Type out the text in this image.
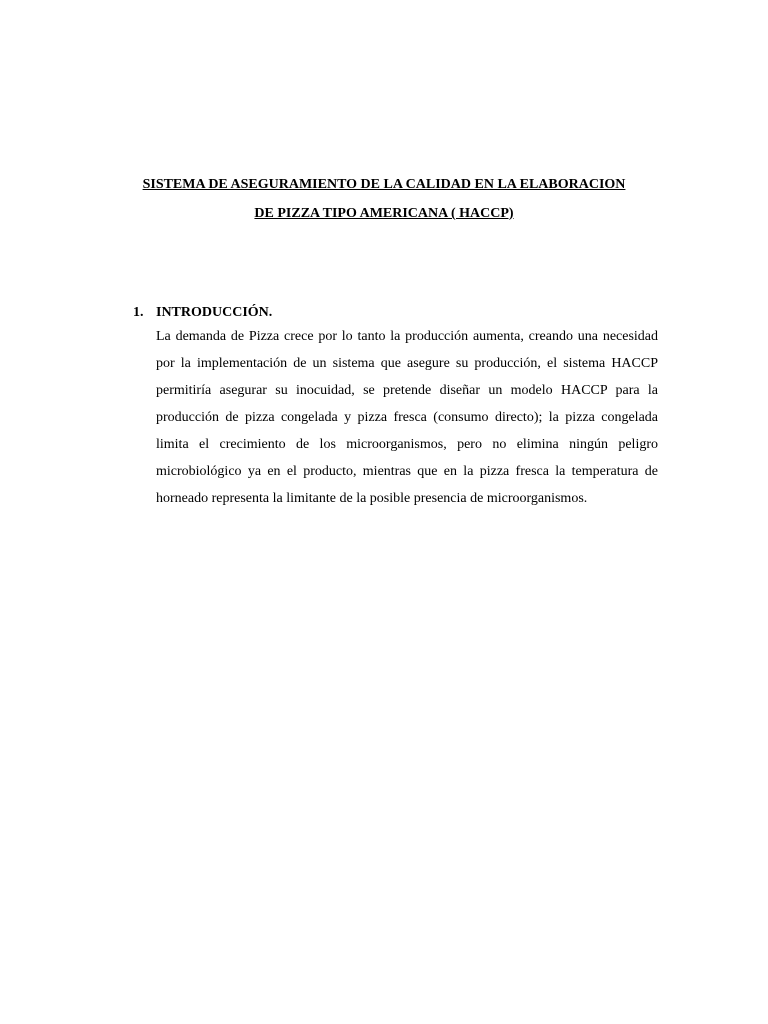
SISTEMA DE ASEGURAMIENTO DE LA CALIDAD EN LA ELABORACION
DE PIZZA TIPO AMERICANA ( HACCP)

1. INTRODUCCIÓN.

La demanda de Pizza crece por lo tanto la producción aumenta, creando una necesidad por la implementación de un sistema que asegure su producción, el sistema HACCP permitiría asegurar su inocuidad, se pretende diseñar un modelo HACCP para la producción de pizza congelada y pizza fresca (consumo directo); la pizza congelada limita el crecimiento de los microorganismos, pero no elimina ningún peligro microbiológico ya en el producto, mientras que en la pizza fresca la temperatura de horneado representa la limitante de la posible presencia de microorganismos.
